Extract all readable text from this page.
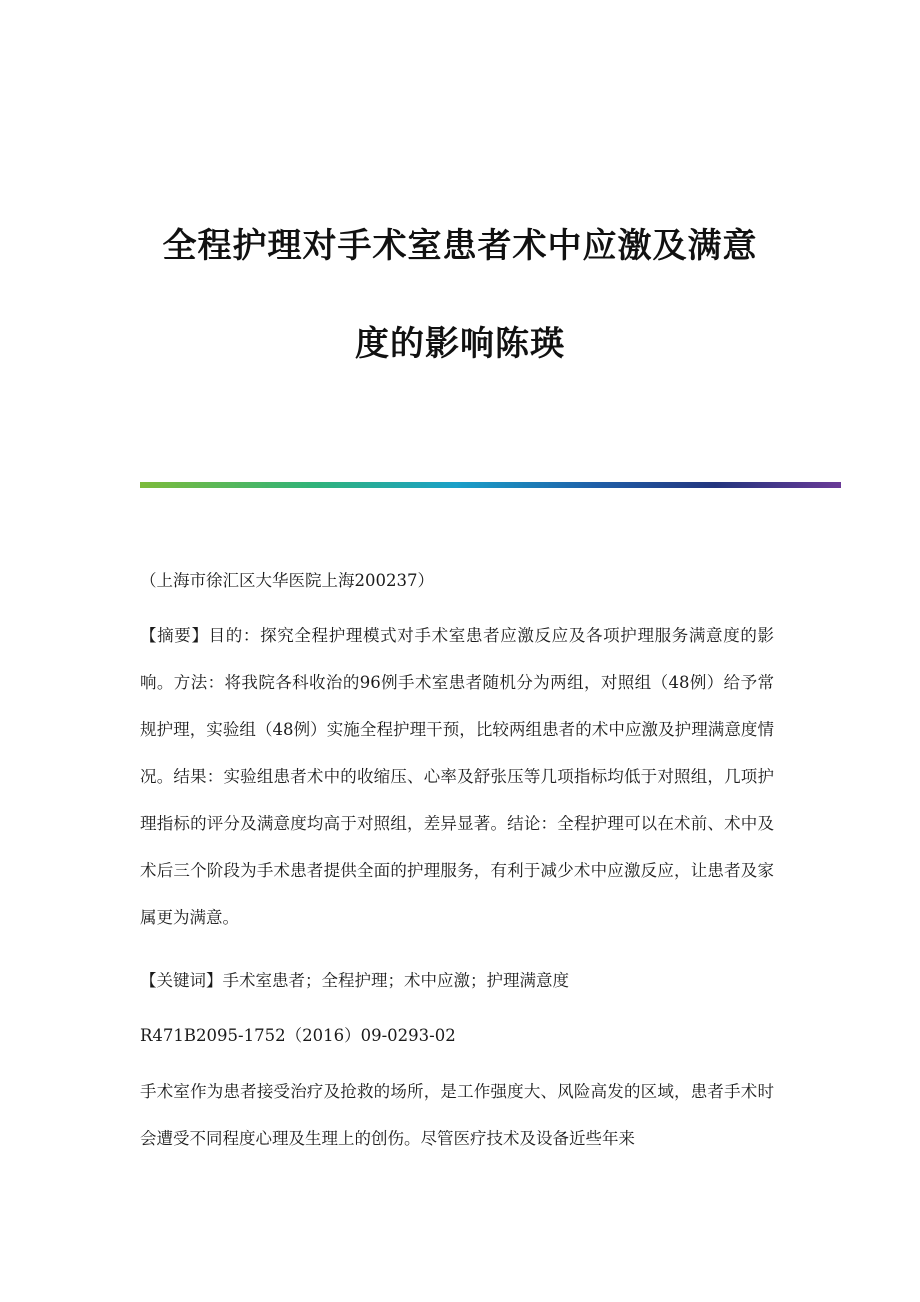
全程护理对手术室患者术中应激及满意
度的影响陈瑛

（上海市徐汇区大华医院上海200237）

【摘要】目的：探究全程护理模式对手术室患者应激反应及各项护理服务满意度的影响。方法：将我院各科收治的96例手术室患者随机分为两组，对照组（48例）给予常规护理，实验组（48例）实施全程护理干预，比较两组患者的术中应激及护理满意度情况。结果：实验组患者术中的收缩压、心率及舒张压等几项指标均低于对照组，几项护理指标的评分及满意度均高于对照组，差异显著。结论：全程护理可以在术前、术中及术后三个阶段为手术患者提供全面的护理服务，有利于减少术中应激反应，让患者及家属更为满意。

【关键词】手术室患者；全程护理；术中应激；护理满意度

R471B2095-1752（2016）09-0293-02

手术室作为患者接受治疗及抢救的场所，是工作强度大、风险高发的区域，患者手术时会遭受不同程度心理及生理上的创伤。尽管医疗技术及设备近些年来
